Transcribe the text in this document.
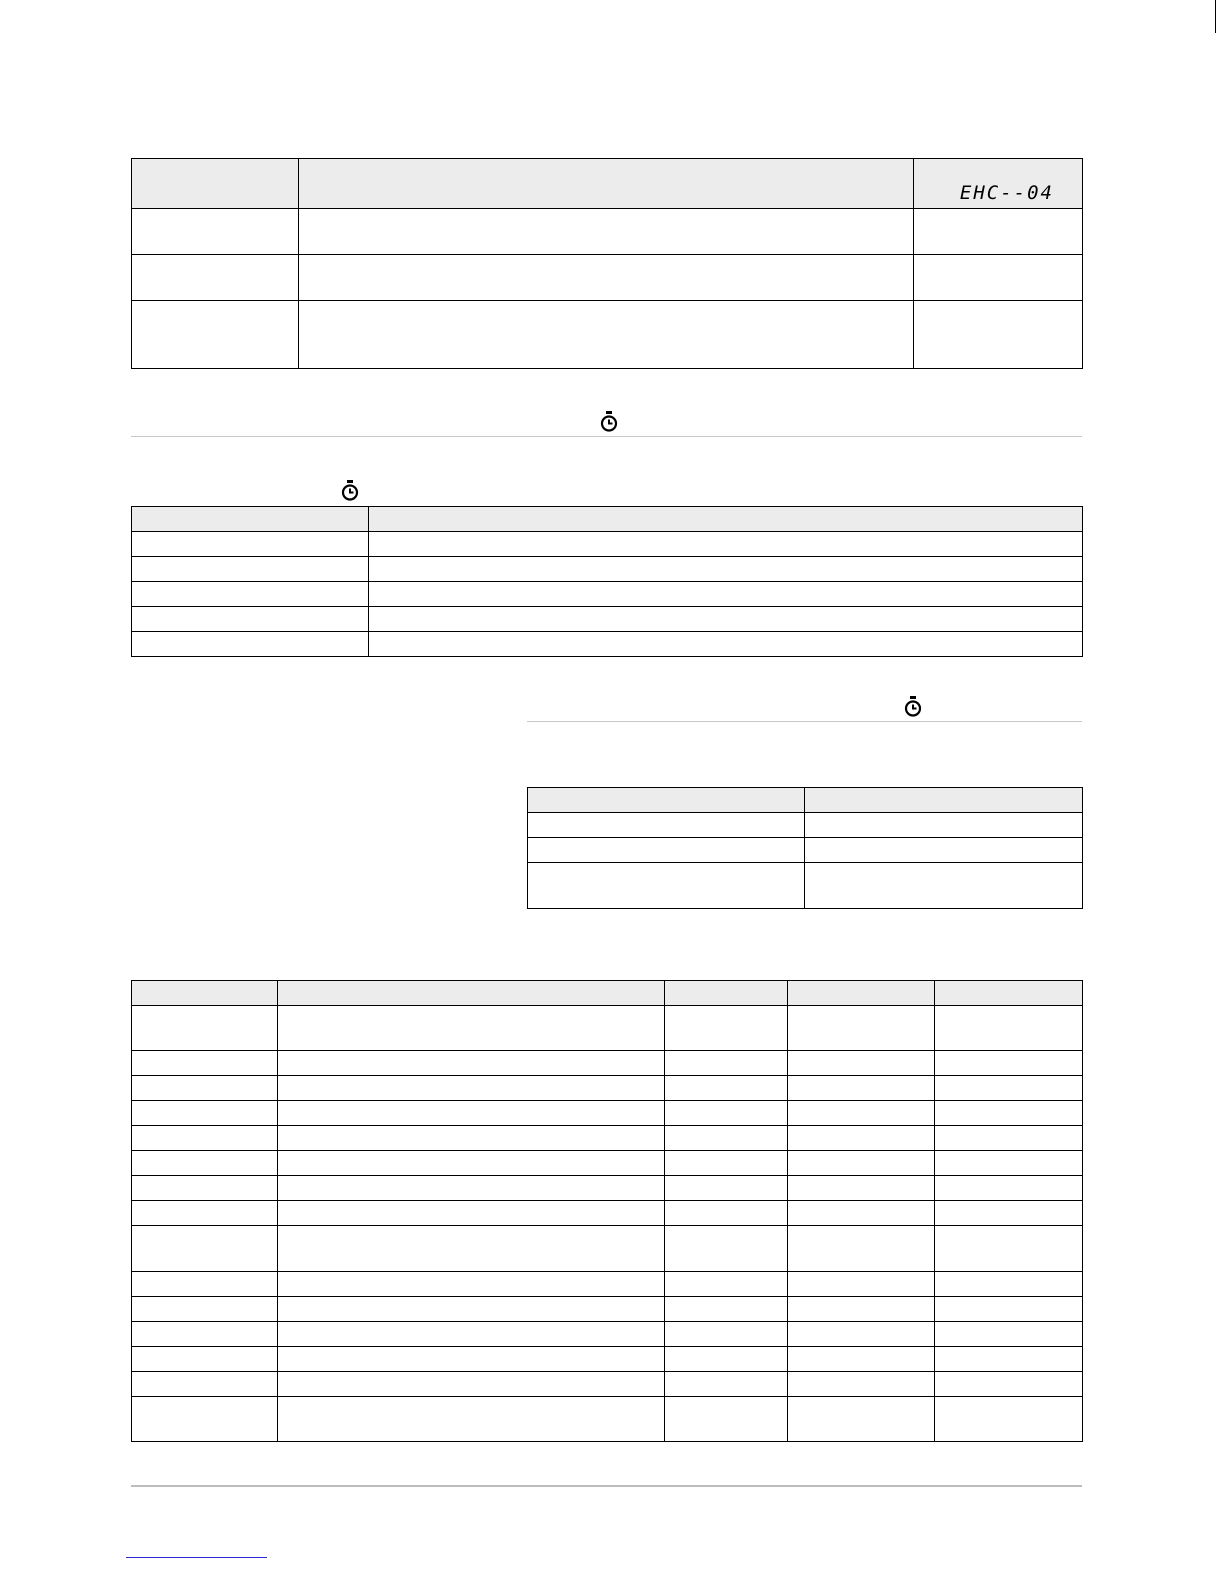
		EHC--04
